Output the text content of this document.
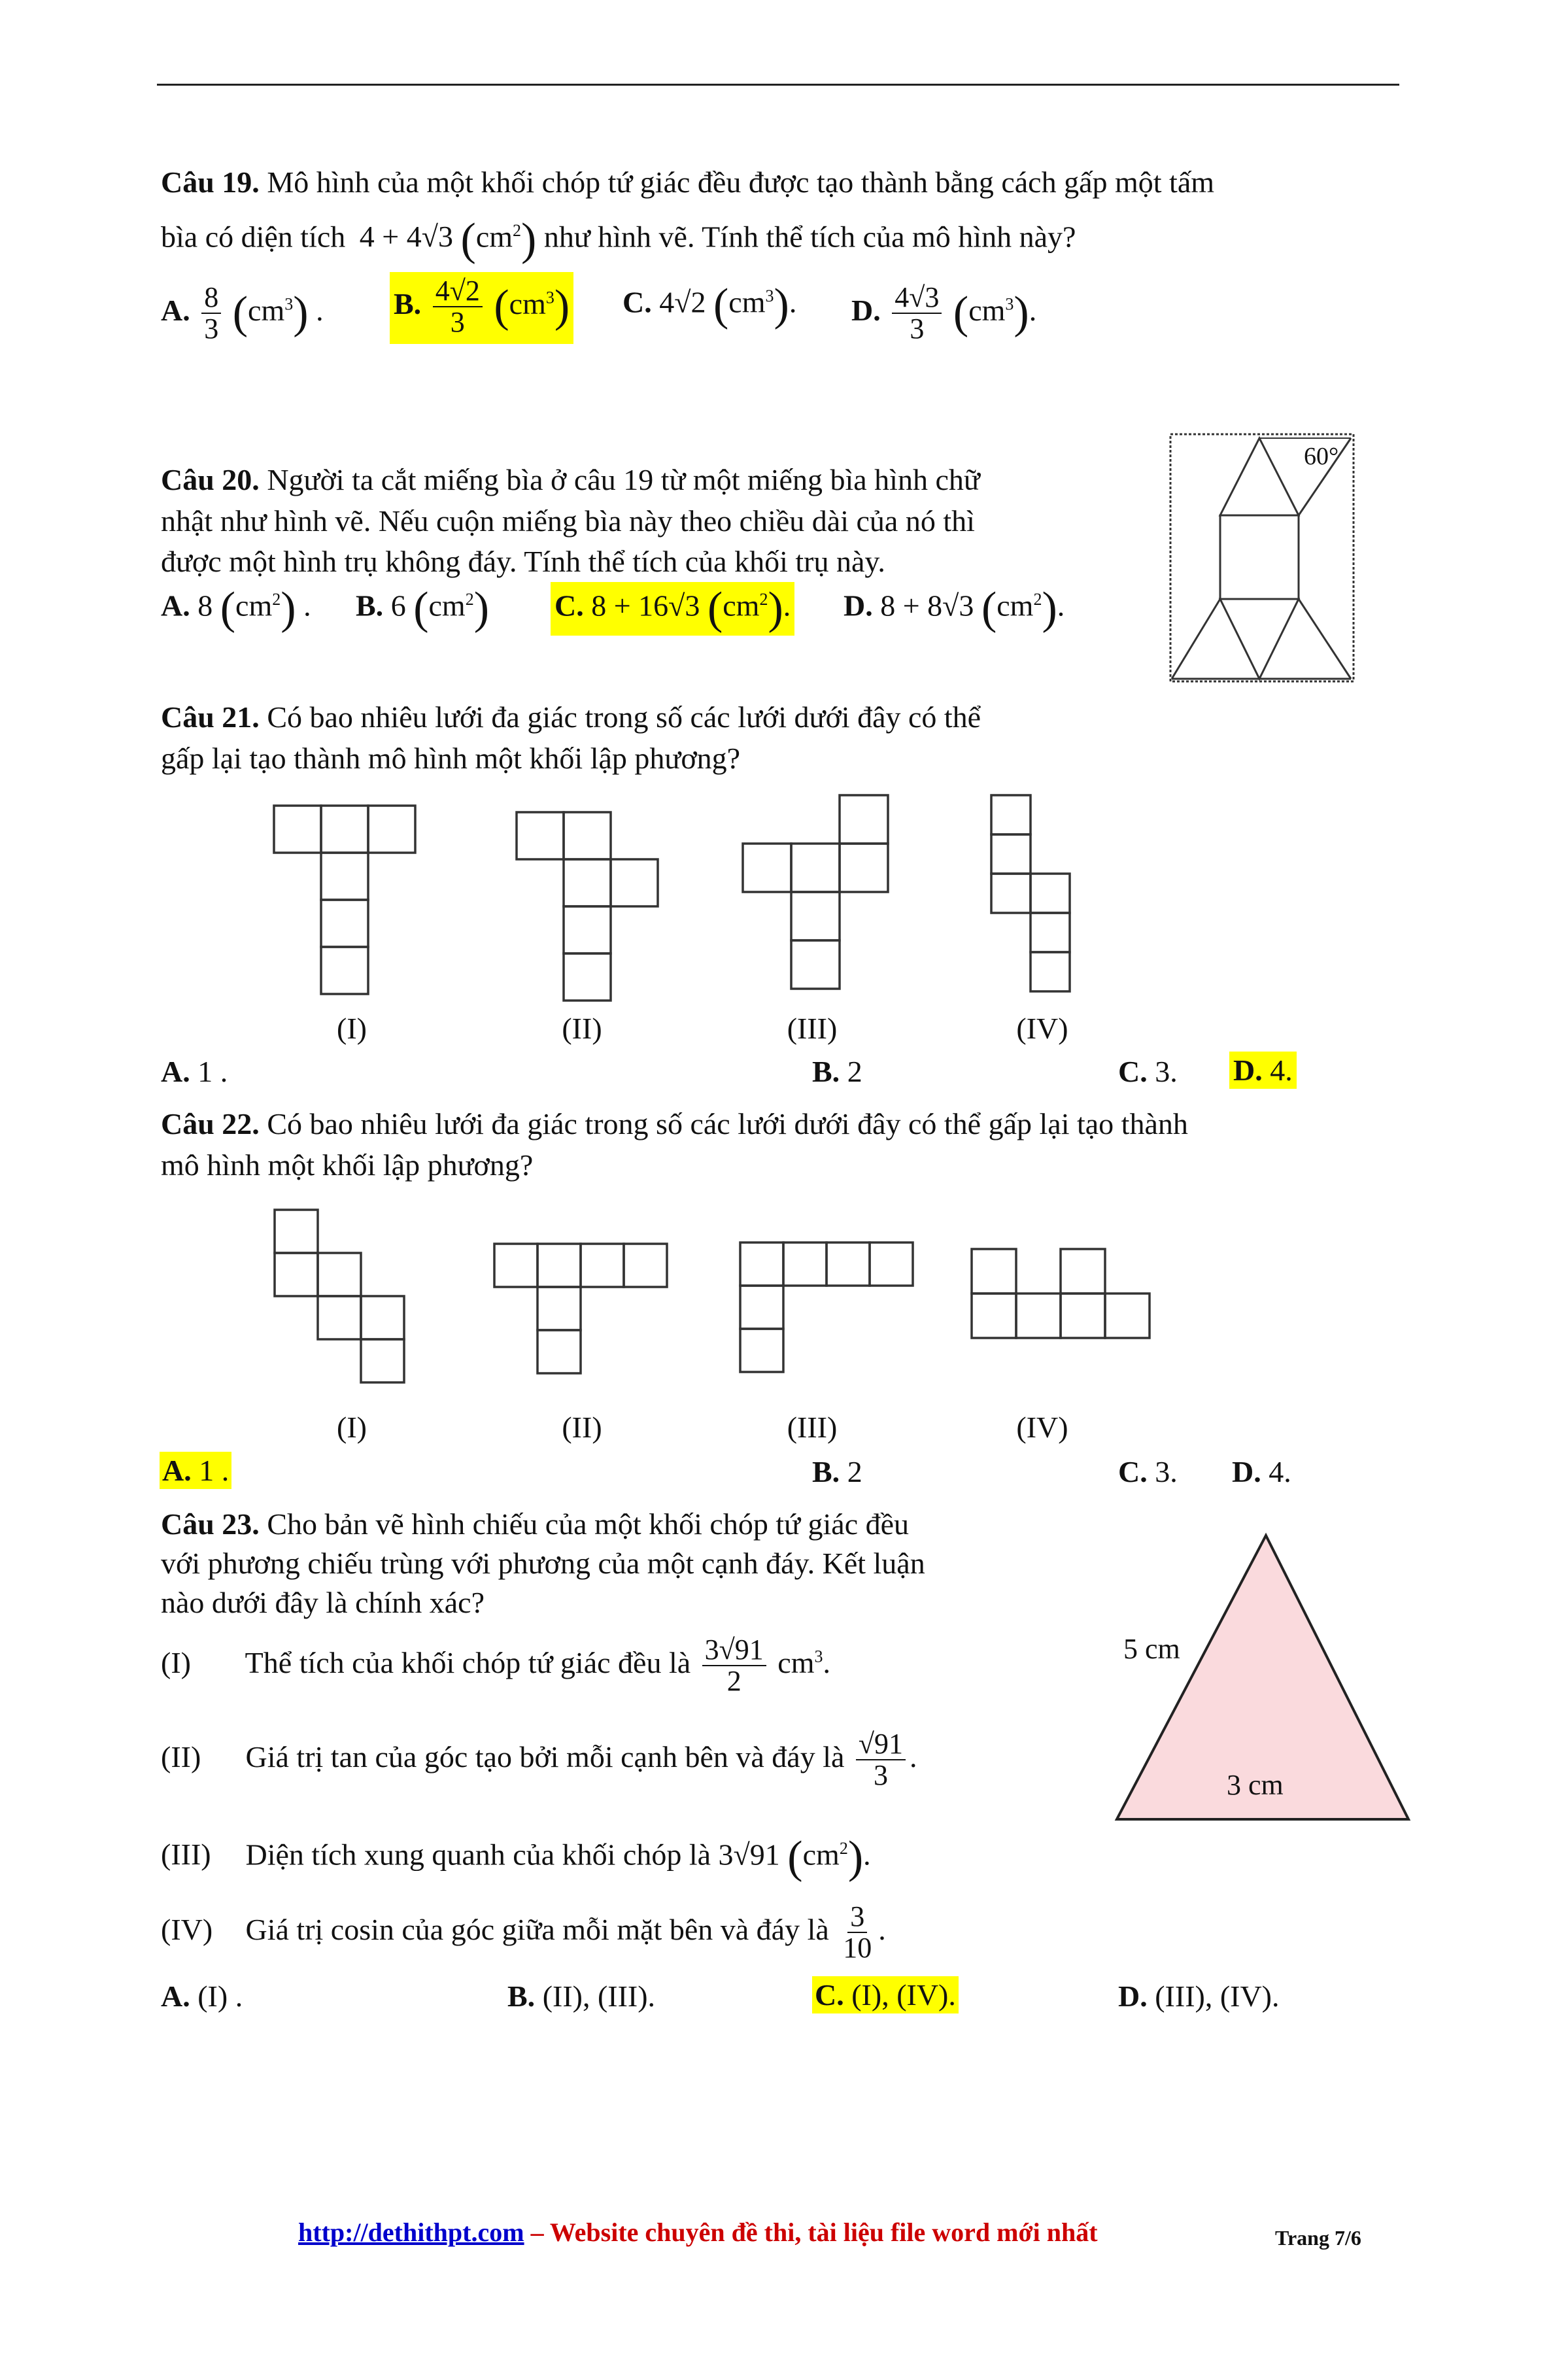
Câu 19. Mô hình của một khối chóp tứ giác đều được tạo thành bằng cách gấp một tấm
bìa có diện tích 4 + 4√3 $(cm^2)$ như hình vẽ. Tính thể tích của mô hình này?
A. $\frac{8}{3} (cm^3)$ . B. $\frac{4√2}{3} (cm^3)$ C. 4√2 $(cm^3)$. D. $\frac{4√3}{3} (cm^3)$.
Câu 20. Người ta cắt miếng bìa ở câu 19 từ một miếng bìa hình chữ
nhật như hình vẽ. Nếu cuộn miếng bìa này theo chiều dài của nó thì
được một hình trụ không đáy. Tính thể tích của khối trụ này.
A. 8 $(cm^2)$ . B. 6 $(cm^2)$ C. 8 + 16√3 $(cm^2)$. D. 8 + 8√3 $(cm^2)$.
60°
Câu 21. Có bao nhiêu lưới đa giác trong số các lưới dưới đây có thể
gấp lại tạo thành mô hình một khối lập phương?
(I)	(II)	(III)	(IV)
A. 1 .	B. 2	C. 3. D. 4.
Câu 22. Có bao nhiêu lưới đa giác trong số các lưới dưới đây có thể gấp lại tạo thành
mô hình một khối lập phương?
(I)	(II)	(III)	(IV)
A. 1 .	B. 2	C. 3. D. 4.
Câu 23. Cho bản vẽ hình chiếu của một khối chóp tứ giác đều
với phương chiếu trùng với phương của một cạnh đáy. Kết luận
nào dưới đây là chính xác?
(I) Thể tích của khối chóp tứ giác đều là $\frac{3√91}{2} cm^3$.
(II) Giá trị tan của góc tạo bởi mỗi cạnh bên và đáy là $\frac{√91}{3}$ .
(III) Diện tích xung quanh của khối chóp là 3√91 $(cm^2)$.
(IV) Giá trị cosin của góc giữa mỗi mặt bên và đáy là $\frac{3}{10}$ .
5 cm
3 cm
A. (I) .	B. (II), (III).	C. (I), (IV).	D. (III), (IV).
http://dethithpt.com – Website chuyên đề thi, tài liệu file word mới nhất	Trang 7/6
